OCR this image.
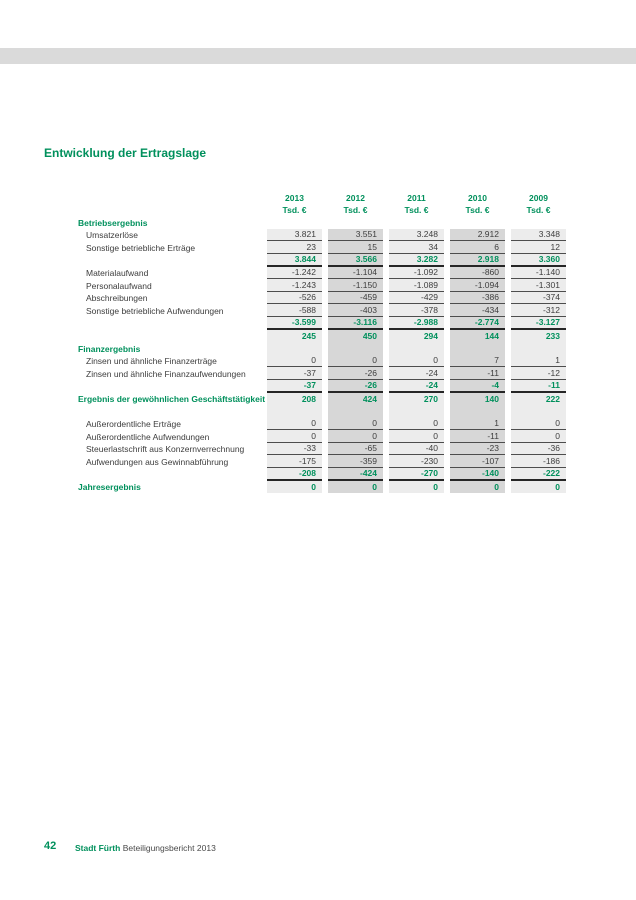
Entwicklung der Ertragslage
2013	2012	2011	2010	2009
Tsd. €	Tsd. €	Tsd. €	Tsd. €	Tsd. €
Betriebsergebnis
Umsatzerlöse	3.821	3.551	3.248	2.912	3.348
Sonstige betriebliche Erträge	23	15	34	6	12
3.844	3.566	3.282	2.918	3.360
Materialaufwand	-1.242	-1.104	-1.092	-860	-1.140
Personalaufwand	-1.243	-1.150	-1.089	-1.094	-1.301
Abschreibungen	-526	-459	-429	-386	-374
Sonstige betriebliche Aufwendungen	-588	-403	-378	-434	-312
-3.599	-3.116	-2.988	-2.774	-3.127
245	450	294	144	233
Finanzergebnis
Zinsen und ähnliche Finanzerträge	0	0	0	7	1
Zinsen und ähnliche Finanzaufwendungen	-37	-26	-24	-11	-12
-37	-26	-24	-4	-11
Ergebnis der gewöhnlichen Geschäftstätigkeit	208	424	270	140	222
Außerordentliche Erträge	0	0	0	1	0
Außerordentliche Aufwendungen	0	0	0	-11	0
Steuerlastschrift aus Konzernverrechnung	-33	-65	-40	-23	-36
Aufwendungen aus Gewinnabführung	-175	-359	-230	-107	-186
-208	-424	-270	-140	-222
Jahresergebnis	0	0	0	0	0
42 Stadt Fürth Beteiligungsbericht 2013
